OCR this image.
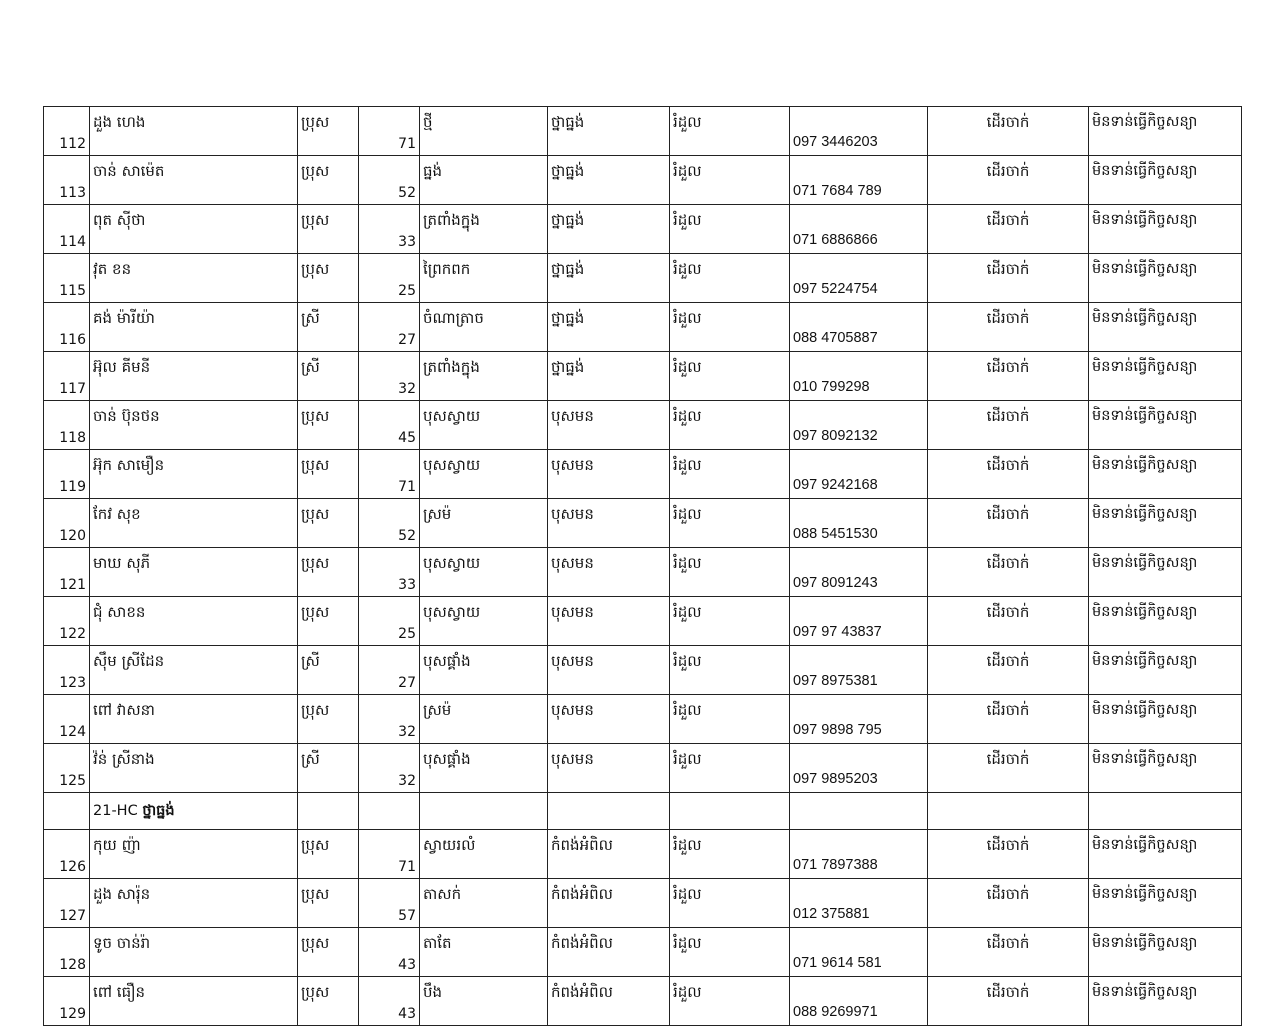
112	ដួង ហេង	ប្រុស	71	ថ្មី	ថ្នាធ្នង់	រំដួល	097 3446203	ដើរចាក់	មិនទាន់ធ្វើកិច្ចសន្យា
113	ចាន់ សាម៉េត	ប្រុស	52	ធ្នង់	ថ្នាធ្នង់	រំដួល	071 7684 789	ដើរចាក់	មិនទាន់ធ្វើកិច្ចសន្យា
114	ពុត ស៊ីថា	ប្រុស	33	ត្រពាំងក្នុង	ថ្នាធ្នង់	រំដួល	071 6886866	ដើរចាក់	មិនទាន់ធ្វើកិច្ចសន្យា
115	វុត ខន	ប្រុស	25	ព្រៃកពក	ថ្នាធ្នង់	រំដួល	097 5224754	ដើរចាក់	មិនទាន់ធ្វើកិច្ចសន្យា
116	គង់ ម៉ារីយ៉ា	ស្រី	27	ចំណាត្រាច	ថ្នាធ្នង់	រំដួល	088 4705887	ដើរចាក់	មិនទាន់ធ្វើកិច្ចសន្យា
117	អ៊ុល គីមនី	ស្រី	32	ត្រពាំងក្នុង	ថ្នាធ្នង់	រំដួល	010 799298	ដើរចាក់	មិនទាន់ធ្វើកិច្ចសន្យា
118	ចាន់ ប៊ុនថន	ប្រុស	45	បុសស្វាយ	បុសមន	រំដួល	097 8092132	ដើរចាក់	មិនទាន់ធ្វើកិច្ចសន្យា
119	អ៊ុក សាមឿន	ប្រុស	71	បុសស្វាយ	បុសមន	រំដួល	097 9242168	ដើរចាក់	មិនទាន់ធ្វើកិច្ចសន្យា
120	កែវ សុខ	ប្រុស	52	ស្រម៉	បុសមន	រំដួល	088 5451530	ដើរចាក់	មិនទាន់ធ្វើកិច្ចសន្យា
121	មាឃ សុភី	ប្រុស	33	បុសស្វាយ	បុសមន	រំដួល	097 8091243	ដើរចាក់	មិនទាន់ធ្វើកិច្ចសន្យា
122	ជុំ សាខន	ប្រុស	25	បុសស្វាយ	បុសមន	រំដួល	097 97 43837	ដើរចាក់	មិនទាន់ធ្វើកិច្ចសន្យា
123	ស៊ឹម ស្រីដែន	ស្រី	27	បុសផ្គាំង	បុសមន	រំដួល	097 8975381	ដើរចាក់	មិនទាន់ធ្វើកិច្ចសន្យា
124	ពៅ វាសនា	ប្រុស	32	ស្រម៉	បុសមន	រំដួល	097 9898 795	ដើរចាក់	មិនទាន់ធ្វើកិច្ចសន្យា
125	វ៉ន់ ស្រីនាង	ស្រី	32	បុសផ្គាំង	បុសមន	រំដួល	097 9895203	ដើរចាក់	មិនទាន់ធ្វើកិច្ចសន្យា
	21-HC ថ្នាធ្នង់								
126	កុយ ញ៉ា	ប្រុស	71	ស្វាយរលំ	កំពង់អំពិល	រំដួល	071 7897388	ដើរចាក់	មិនទាន់ធ្វើកិច្ចសន្យា
127	ដួង សារ៉ុន	ប្រុស	57	តាសក់	កំពង់អំពិល	រំដួល	012 375881	ដើរចាក់	មិនទាន់ធ្វើកិច្ចសន្យា
128	ទូច ចាន់រ៉ា	ប្រុស	43	តាតែ	កំពង់អំពិល	រំដួល	071 9614 581	ដើរចាក់	មិនទាន់ធ្វើកិច្ចសន្យា
129	ពៅ ធឿន	ប្រុស	43	បឹង	កំពង់អំពិល	រំដួល	088 9269971	ដើរចាក់	មិនទាន់ធ្វើកិច្ចសន្យា
